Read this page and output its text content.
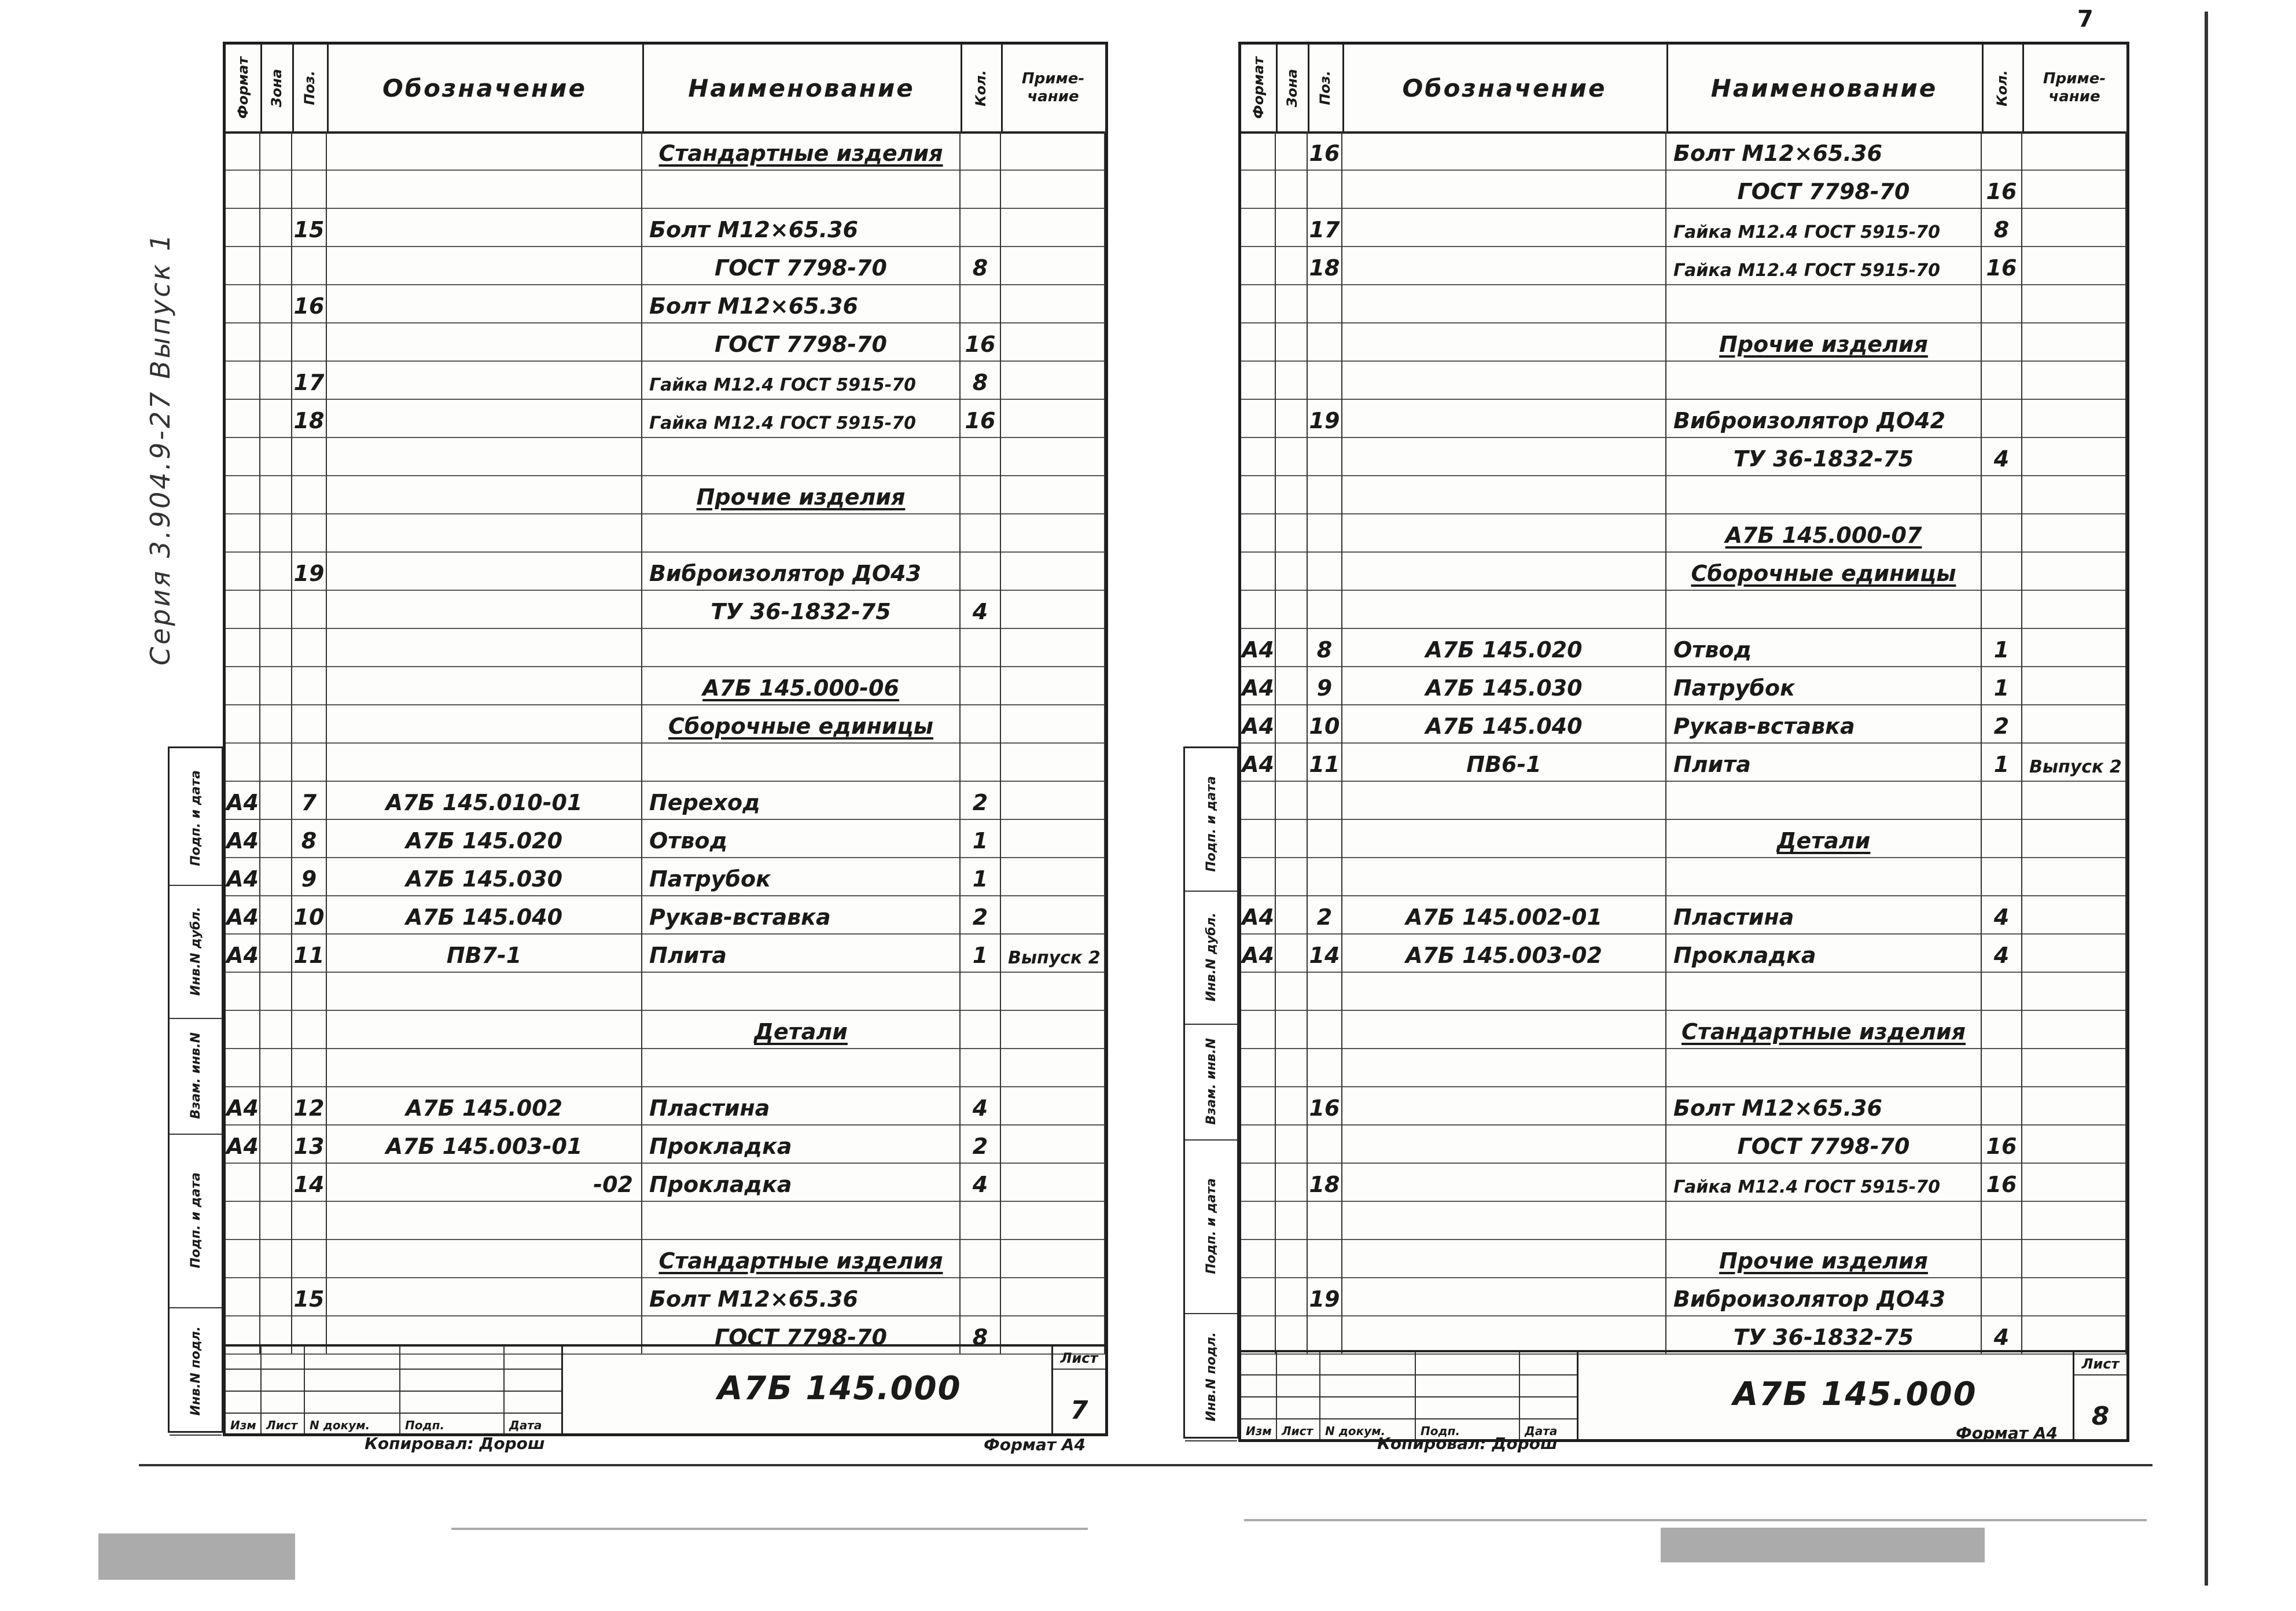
7
Серия 3.904.9-27 Выпуск 1
Формат Зона Поз.	Обозначение	Наименование	Кол.	Приме-чание
Стандартные изделия
15	Болт М12×65.36
ГОСТ 7798-70	8
16	Болт М12×65.36
ГОСТ 7798-70	16
17	Гайка М12.4 ГОСТ 5915-70	8
18	Гайка М12.4 ГОСТ 5915-70	16
Прочие изделия
19	Виброизолятор ДО43
ТУ 36-1832-75	4
А7Б 145.000-06
Сборочные единицы
А4	7	А7Б 145.010-01	Переход	2
А4	8	А7Б 145.020	Отвод	1
А4	9	А7Б 145.030	Патрубок	1
А4 10	А7Б 145.040	Рукав-вставка	2
А4 11	ПВ7-1	Плита	1	Выпуск 2
Детали
А4 12	А7Б 145.002	Пластина	4
А4 13	А7Б 145.003-01	Прокладка	2
14	-02 Прокладка	4
Стандартные изделия
15	Болт М12×65.36
ГОСТ 7798-70	8
Изм Лист N докум.	Подп.	Дата
А7Б 145.000
Лист
7
Формат Зона Поз.	Обозначение	Наименование	Кол.	Приме-чание
16	Болт М12×65.36
ГОСТ 7798-70	16
17	Гайка М12.4 ГОСТ 5915-70	8
18	Гайка М12.4 ГОСТ 5915-70	16
Прочие изделия
19	Виброизолятор ДО42
ТУ 36-1832-75	4
А7Б 145.000-07
Сборочные единицы
А4	8	А7Б 145.020	Отвод	1
А4	9	А7Б 145.030	Патрубок	1
А4 10	А7Б 145.040	Рукав-вставка	2
А4 11	ПВ6-1	Плита	1	Выпуск 2
Детали
А4	2	А7Б 145.002-01	Пластина	4
А4 14	А7Б 145.003-02	Прокладка	4
Стандартные изделия
16	Болт М12×65.36
ГОСТ 7798-70	16
18	Гайка М12.4 ГОСТ 5915-70	16
Прочие изделия
19	Виброизолятор ДО43
ТУ 36-1832-75	4
Изм Лист N докум.	Подп.	Дата
А7Б 145.000
Лист
8
Инв.N подл.
Подп. и дата
Взам. инв.N
Инв.N дубл.
Подп. и дата
Инв.N подл.
Подп. и дата
Взам. инв.N
Инв.N дубл.
Подп. и дата
Копировал: Дорош	Формат А4	Копировал: Дорош
Формат А4
